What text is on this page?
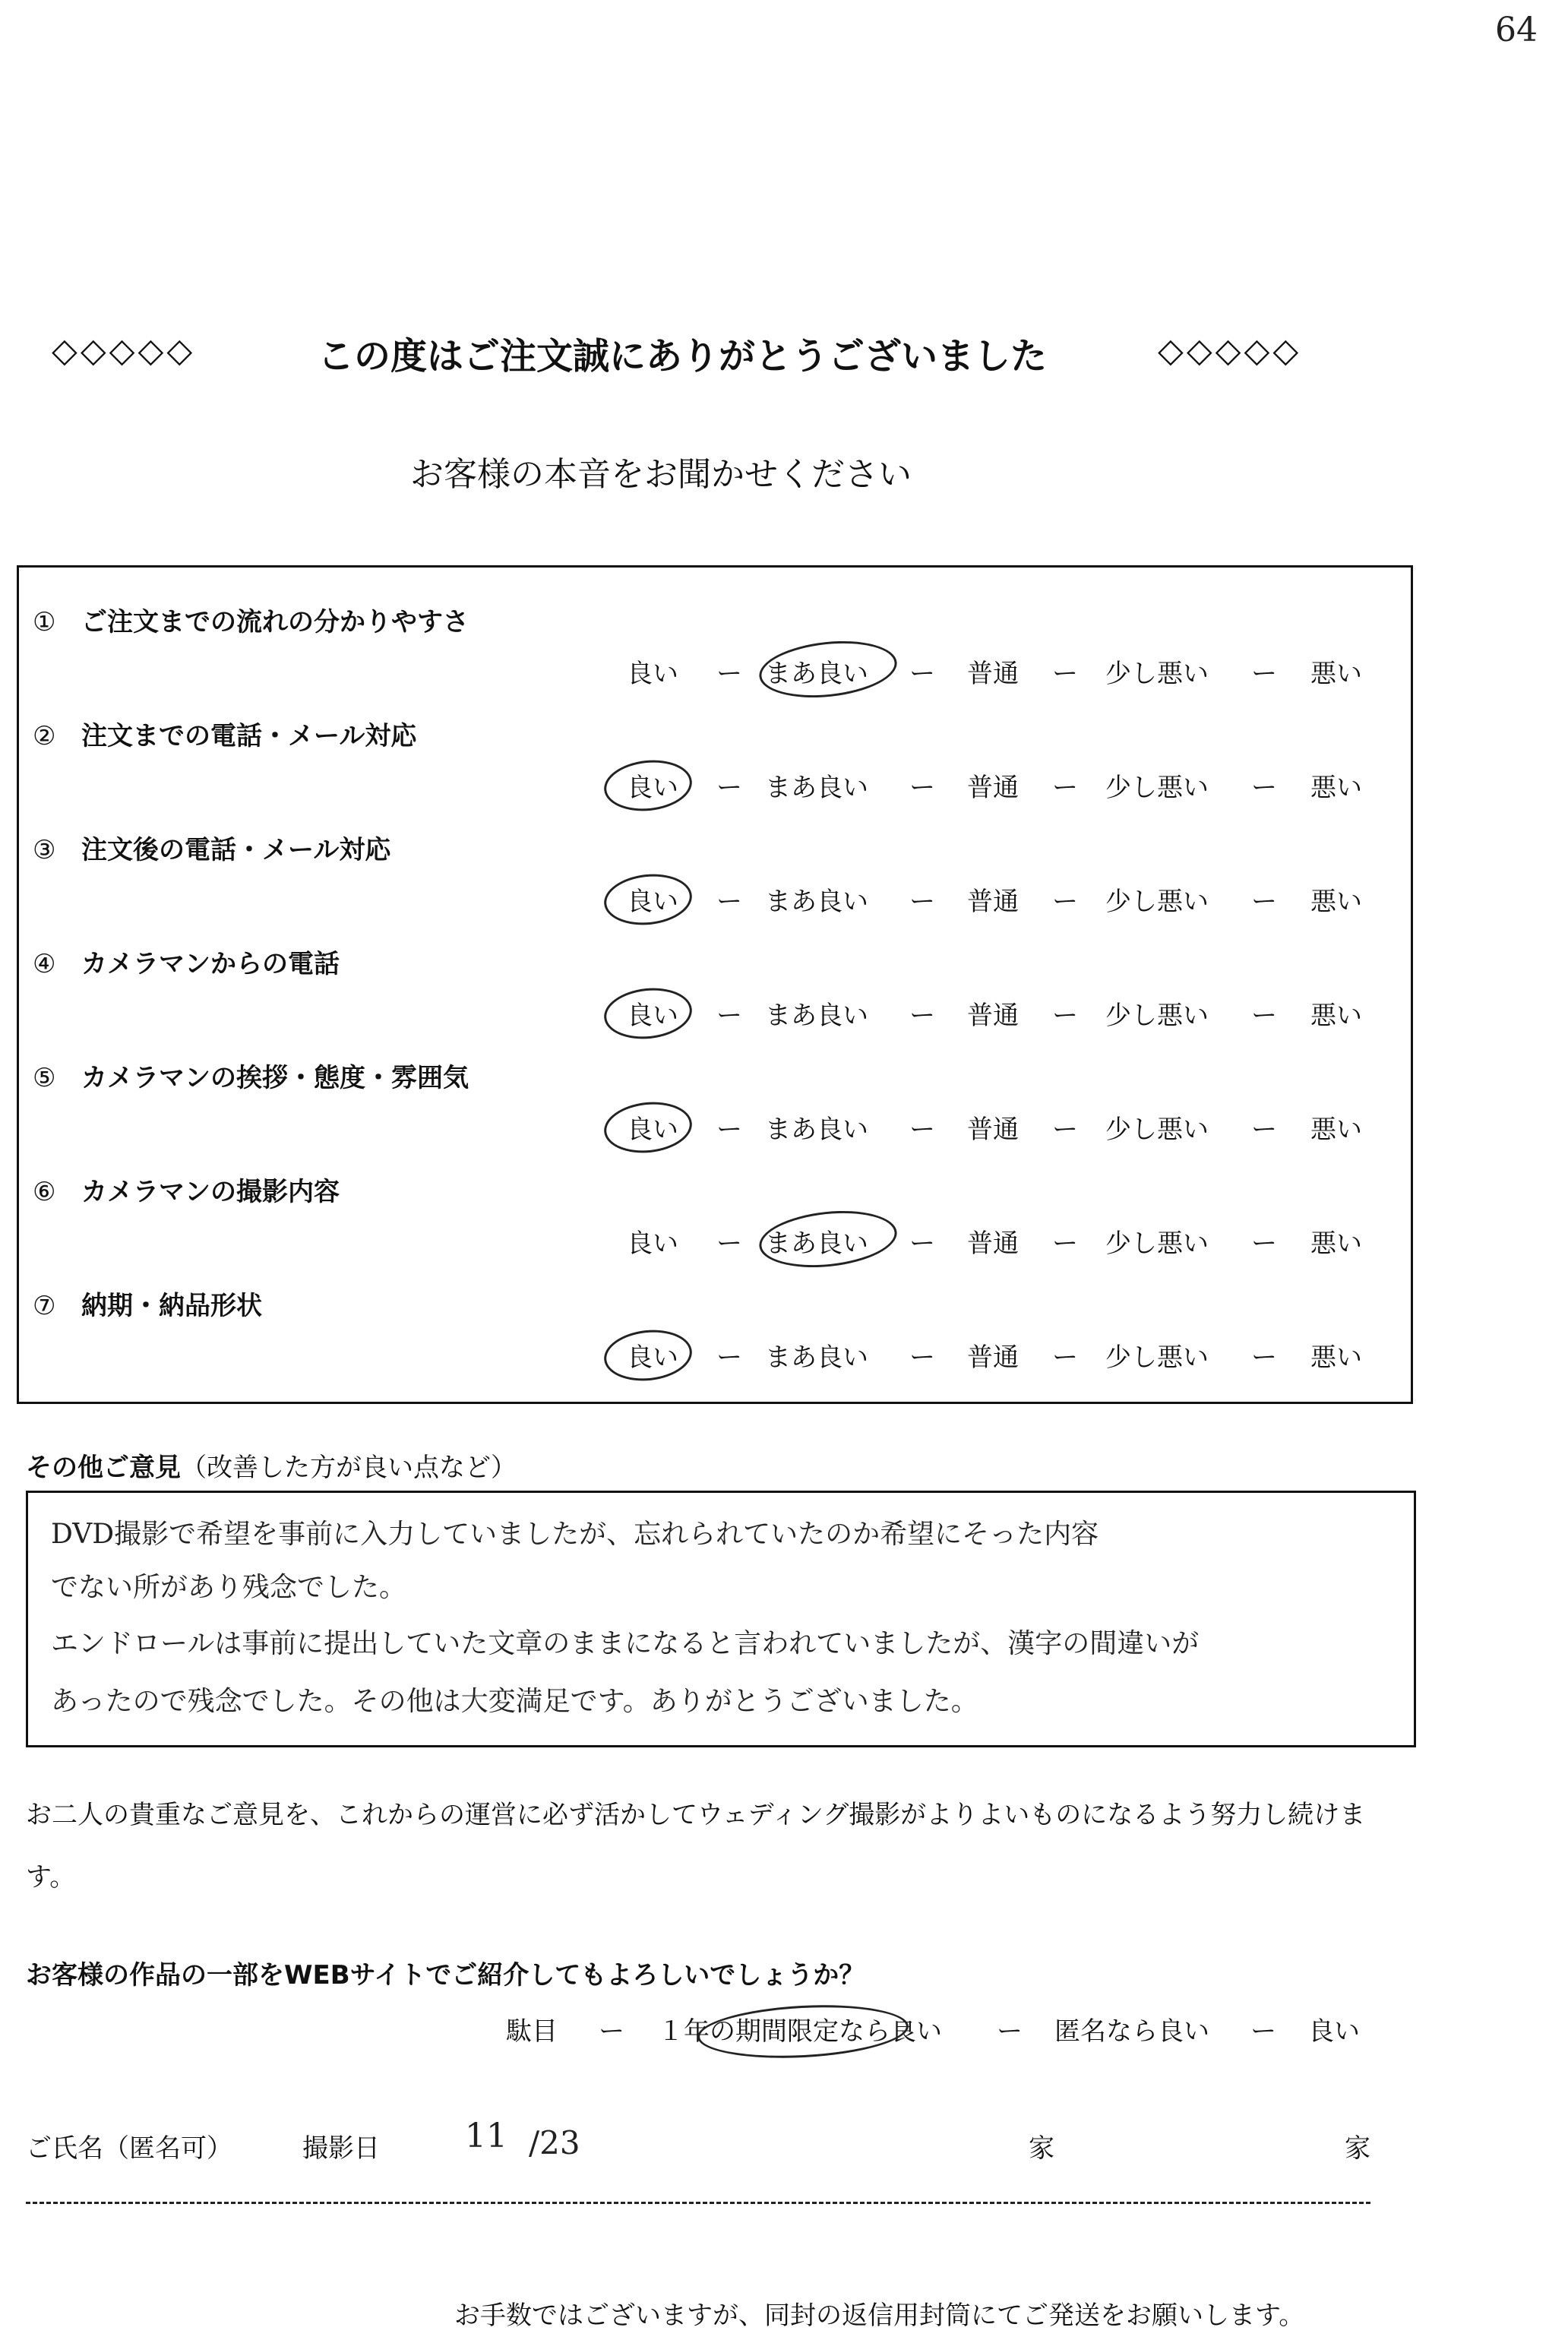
64
◇◇◇◇◇	この度はご注文誠にありがとうございました	◇◇◇◇◇
お客様の本音をお聞かせください
① ご注文までの流れの分かりやすさ
良い ー まあ良い ー 普通 ー 少し悪い ー 悪い
② 注文までの電話・メール対応
良い ー まあ良い ー 普通 ー 少し悪い ー 悪い
③ 注文後の電話・メール対応
良い ー まあ良い ー 普通 ー 少し悪い ー 悪い
④ カメラマンからの電話
良い ー まあ良い ー 普通 ー 少し悪い ー 悪い
⑤ カメラマンの挨拶・態度・雰囲気
良い ー まあ良い ー 普通 ー 少し悪い ー 悪い
⑥ カメラマンの撮影内容
良い ー まあ良い ー 普通 ー 少し悪い ー 悪い
⑦ 納期・納品形状
良い ー まあ良い ー 普通 ー 少し悪い ー 悪い
その他ご意見（改善した方が良い点など）
DVD撮影で希望を事前に入力していましたが、忘れられていたのか希望にそった内容
でない所があり残念でした。
エンドロールは事前に提出していた文章のままになると言われていましたが、漢字の間違いが
あったので残念でした。その他は大変満足です。ありがとうございました。
お二人の貴重なご意見を、これからの運営に必ず活かしてウェディング撮影がよりよいものになるよう努力し続けます。
お客様の作品の一部をWEBサイトでご紹介してもよろしいでしょうか？
駄目 ー １年の期間限定なら良い ー 匿名なら良い ー 良い
ご氏名（匿名可）	撮影日	11 /23	家	家
お手数ではございますが、同封の返信用封筒にてご発送をお願いします。
